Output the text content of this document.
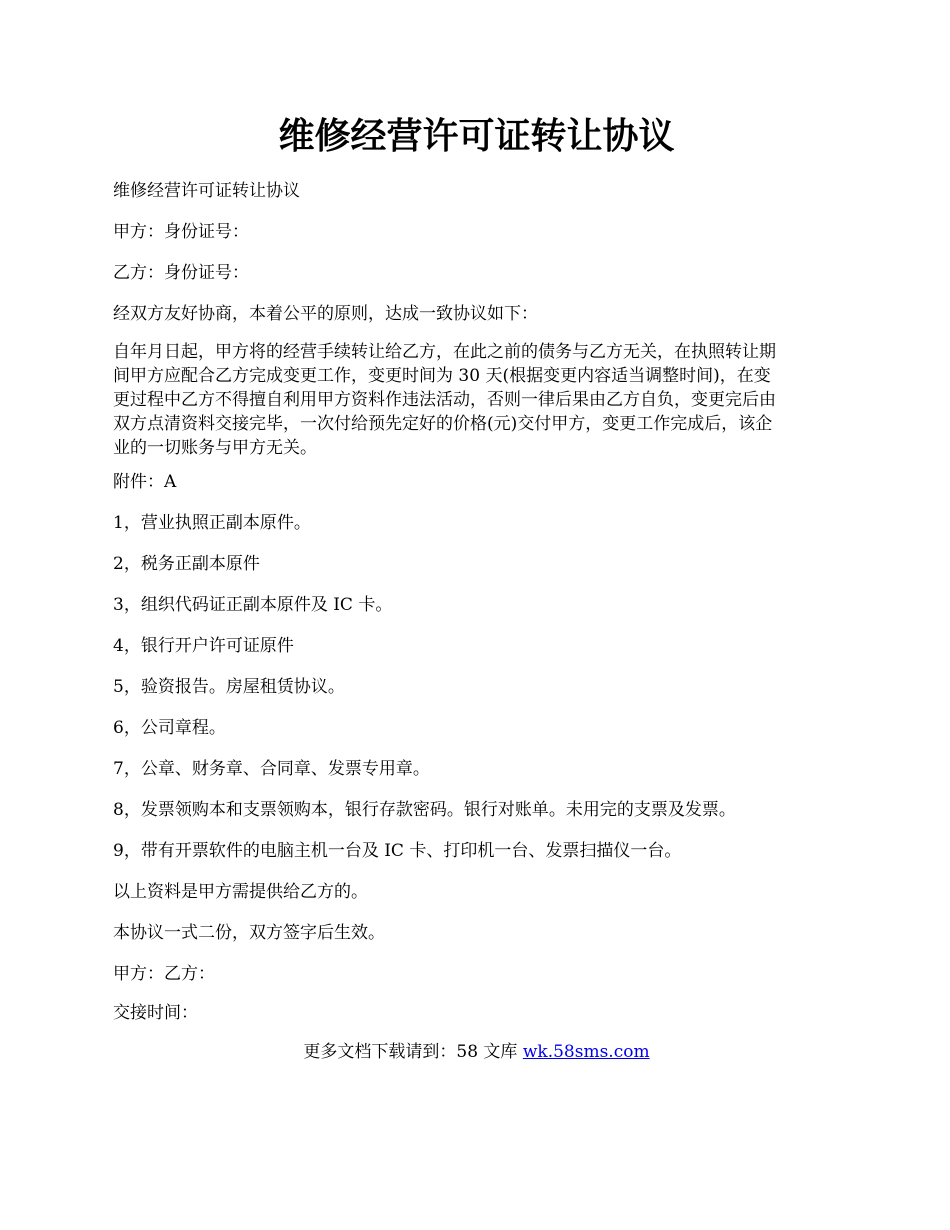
维修经营许可证转让协议

维修经营许可证转让协议

甲方：身份证号：

乙方：身份证号：

经双方友好协商，本着公平的原则，达成一致协议如下：

自年月日起，甲方将的经营手续转让给乙方，在此之前的债务与乙方无关，在执照转让期
间甲方应配合乙方完成变更工作，变更时间为 30 天(根据变更内容适当调整时间)，在变
更过程中乙方不得擅自利用甲方资料作违法活动，否则一律后果由乙方自负，变更完后由
双方点清资料交接完毕，一次付给预先定好的价格(元)交付甲方，变更工作完成后，该企
业的一切账务与甲方无关。

附件：A

1，营业执照正副本原件。

2，税务正副本原件

3，组织代码证正副本原件及 IC 卡。

4，银行开户许可证原件

5，验资报告。房屋租赁协议。

6，公司章程。

7，公章、财务章、合同章、发票专用章。

8，发票领购本和支票领购本，银行存款密码。银行对账单。未用完的支票及发票。

9，带有开票软件的电脑主机一台及 IC 卡、打印机一台、发票扫描仪一台。

以上资料是甲方需提供给乙方的。

本协议一式二份，双方签字后生效。

甲方：乙方：

交接时间：

更多文档下载请到：58 文库 wk.58sms.com
